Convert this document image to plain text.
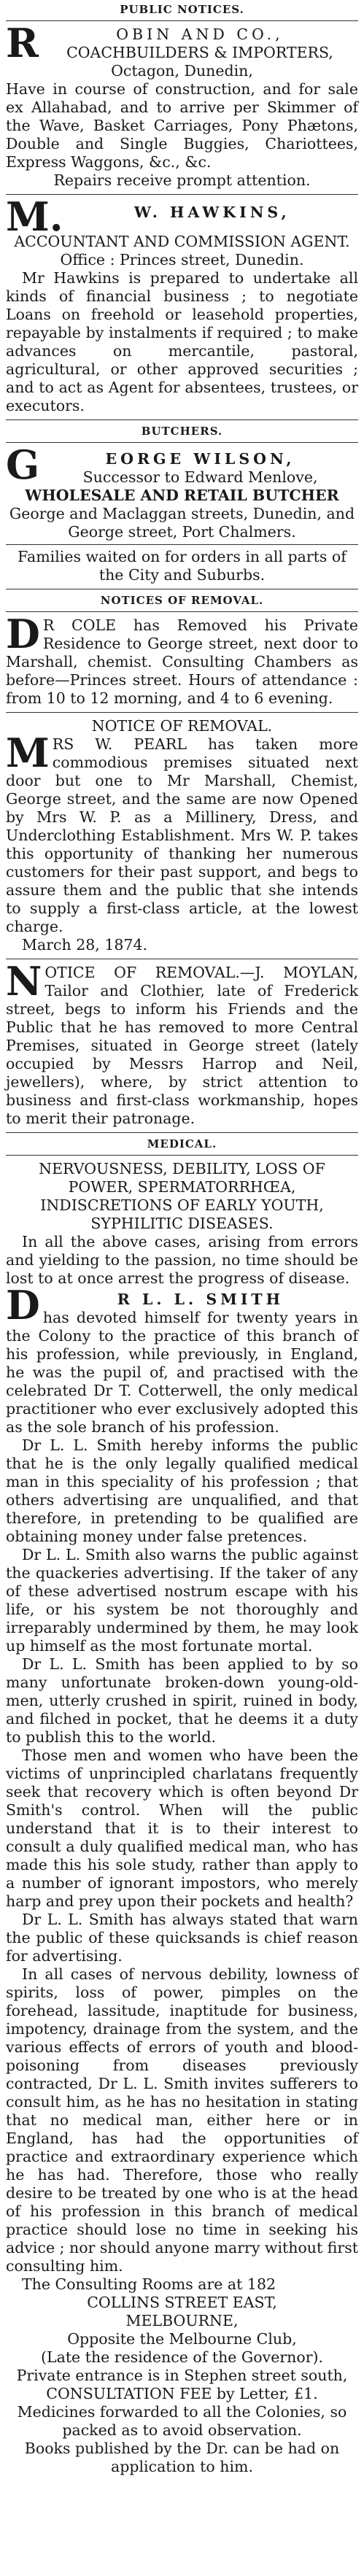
PUBLIC NOTICES.
R	OBIN AND CO.,

COACHBUILDERS & IMPORTERS,

Octagon, Dunedin,

Have in course of construction, and for sale ex Allahabad, and to arrive per Skimmer of the Wave, Basket Carriages, Pony Phætons, Double and Single Buggies, Chariottees, Express Waggons, &c., &c.

Repairs receive prompt attention.

M.	W. HAWKINS,

ACCOUNTANT AND COMMISSION AGENT.

Office : Princes street, Dunedin.

Mr Hawkins is prepared to undertake all kinds of financial business ; to negotiate Loans on freehold or leasehold properties, repayable by instalments if required ; to make advances on mercantile, pastoral, agricultural, or other approved securities ; and to act as Agent for absentees, trustees, or executors.

BUTCHERS.
G	EORGE WILSON,

Successor to Edward Menlove,

WHOLESALE AND RETAIL BUTCHER

George and Maclaggan streets, Dunedin, and George street, Port Chalmers.

Families waited on for orders in all parts of the City and Suburbs.

NOTICES OF REMOVAL.
D R COLE has Removed his Private Residence to George street, next door to Marshall, chemist. Consulting Chambers as before—Princes street. Hours of attendance : from 10 to 12 morning, and 4 to 6 evening.

NOTICE OF REMOVAL.

M RS W. PEARL has taken more commodious premises situated next door but one to Mr Marshall, Chemist, George street, and the same are now Opened by Mrs W. P. as a Millinery, Dress, and Underclothing Establishment. Mrs W. P. takes this opportunity of thanking her numerous customers for their past support, and begs to assure them and the public that she intends to supply a first-class article, at the lowest charge.

March 28, 1874.

N OTICE OF REMOVAL.—J. MOYLAN, Tailor and Clothier, late of Frederick street, begs to inform his Friends and the Public that he has removed to more Central Premises, situated in George street (lately occupied by Messrs Harrop and Neil, jewellers), where, by strict attention to business and first-class workmanship, hopes to merit their patronage.

MEDICAL.

NERVOUSNESS, DEBILITY, LOSS OF POWER, SPERMATORRHŒA, INDISCRETIONS OF EARLY YOUTH, SYPHILITIC DISEASES.

In all the above cases, arising from errors and yielding to the passion, no time should be lost to at once arrest the progress of disease.

D	R L. L. SMITH

has devoted himself for twenty years in the Colony to the practice of this branch of his profession, while previously, in England, he was the pupil of, and practised with the celebrated Dr T. Cotterwell, the only medical practitioner who ever exclusively adopted this as the sole branch of his profession.

Dr L. L. Smith hereby informs the public that he is the only legally qualified medical man in this speciality of his profession ; that others advertising are unqualified, and that therefore, in pretending to be qualified are obtaining money under false pretences.

Dr L. L. Smith also warns the public against the quackeries advertising. If the taker of any of these advertised nostrum escape with his life, or his system be not thoroughly and irreparably undermined by them, he may look up himself as the most fortunate mortal.

Dr L. L. Smith has been applied to by so many unfortunate broken-down young-old-men, utterly crushed in spirit, ruined in body, and filched in pocket, that he deems it a duty to publish this to the world.

Those men and women who have been the victims of unprincipled charlatans frequently seek that recovery which is often beyond Dr Smith's control. When will the public understand that it is to their interest to consult a duly qualified medical man, who has made this his sole study, rather than apply to a number of ignorant impostors, who merely harp and prey upon their pockets and health?

Dr L. L. Smith has always stated that warn the public of these quicksands is chief reason for advertising.

In all cases of nervous debility, lowness of spirits, loss of power, pimples on the forehead, lassitude, inaptitude for business, impotency, drainage from the system, and the various effects of errors of youth and blood-poisoning from diseases previously contracted, Dr L. L. Smith invites sufferers to consult him, as he has no hesitation in stating that no medical man, either here or in England, has had the opportunities of practice and extraordinary experience which he has had. Therefore, those who really desire to be treated by one who is at the head of his profession in this branch of medical practice should lose no time in seeking his advice ; nor should anyone marry without first consulting him.

The Consulting Rooms are at 182

COLLINS STREET EAST,

MELBOURNE,

Opposite the Melbourne Club,

(Late the residence of the Governor).

Private entrance is in Stephen street south,

CONSULTATION FEE by Letter, £1.

Medicines forwarded to all the Colonies, so packed as to avoid observation.

Books published by the Dr. can be had on application to him.
